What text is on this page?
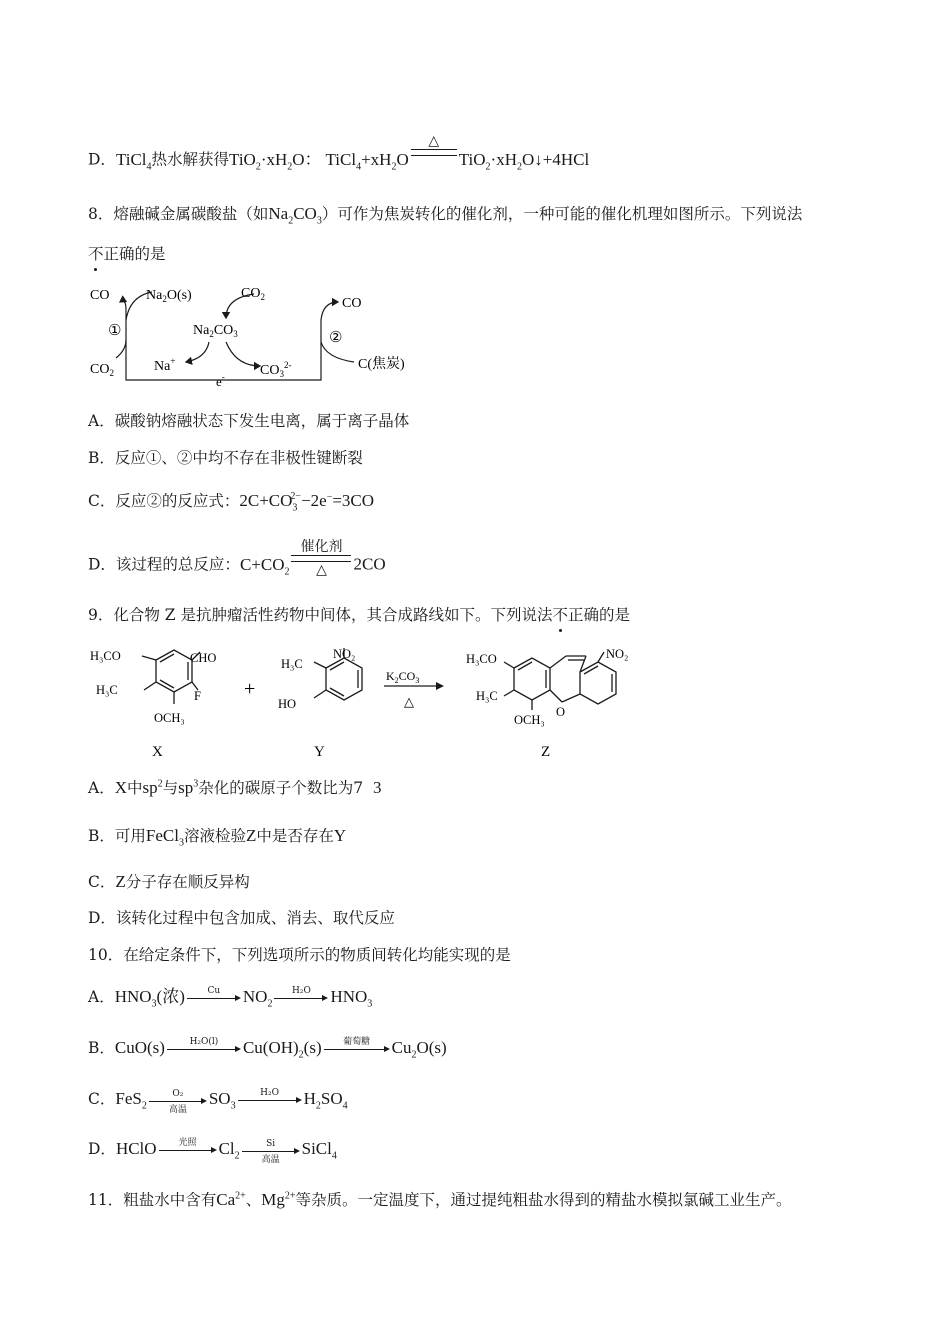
D．TiCl$_4$热水解获得$TiO_2\cdot xH_2O$： $TiCl_4+xH_2O$
△

$TiO_2\cdot xH_2O↓+4HCl$
8．熔融碱金属碳酸盐（如$Na_2CO_3$）可作为焦炭转化的催化剂，一种可能的催化机理如图所示。下列说法
不正确的是
CO	$Na_2O(s)$	$CO_2$
$Na_2CO_3$
①
CO
②
$CO_2$	Na+
$CO_3^{2-}$	C(焦炭)
e-
A．碳酸钠熔融状态下发生电离，属于离子晶体
B．反应①、②中均不存在非极性键断裂
C．反应②的反应式：$2C+CO_3^{2-}-2e^-=3CO$
D．该过程的总反应：$C+CO_2$
催化剂
△	2CO
9．化合物 Z 是抗肿瘤活性药物中间体，其合成路线如下。下列说法不正确的是
H₃CO	CHO
H₃C	F
OCH₃
NO₂
H₃C
HO
H₃CO	NO₂
H₃C
O
OCH₃
+
$K_2CO_3$
△
X	Y	Z
A．X中$sp^2$与$sp^3$杂化的碳原子个数比为7 3
B．可用FeCl$_3$溶液检验Z中是否存在Y
C．Z分子存在顺反异构
D．该转化过程中包含加成、消去、取代反应
10．在给定条件下，下列选项所示的物质间转化均能实现的是
A．$HNO_3$(浓)	Cu	$NO_2$
H₂O	$HNO_3$
B．CuO(s)	H₂O(l)	$Cu(OH)_2(s)$	葡萄糖	$Cu_2O(s)$
C．FeS$_2$
O₂
高温
$SO_3$
H₂O	$H_2SO_4$
D．HClO	光照	$Cl_2$
Si
高温
SiCl$_4$
11．粗盐水中含有$Ca^{2+}$、$Mg^{2+}$等杂质。一定温度下，通过提纯粗盐水得到的精盐水模拟氯碱工业生产。
